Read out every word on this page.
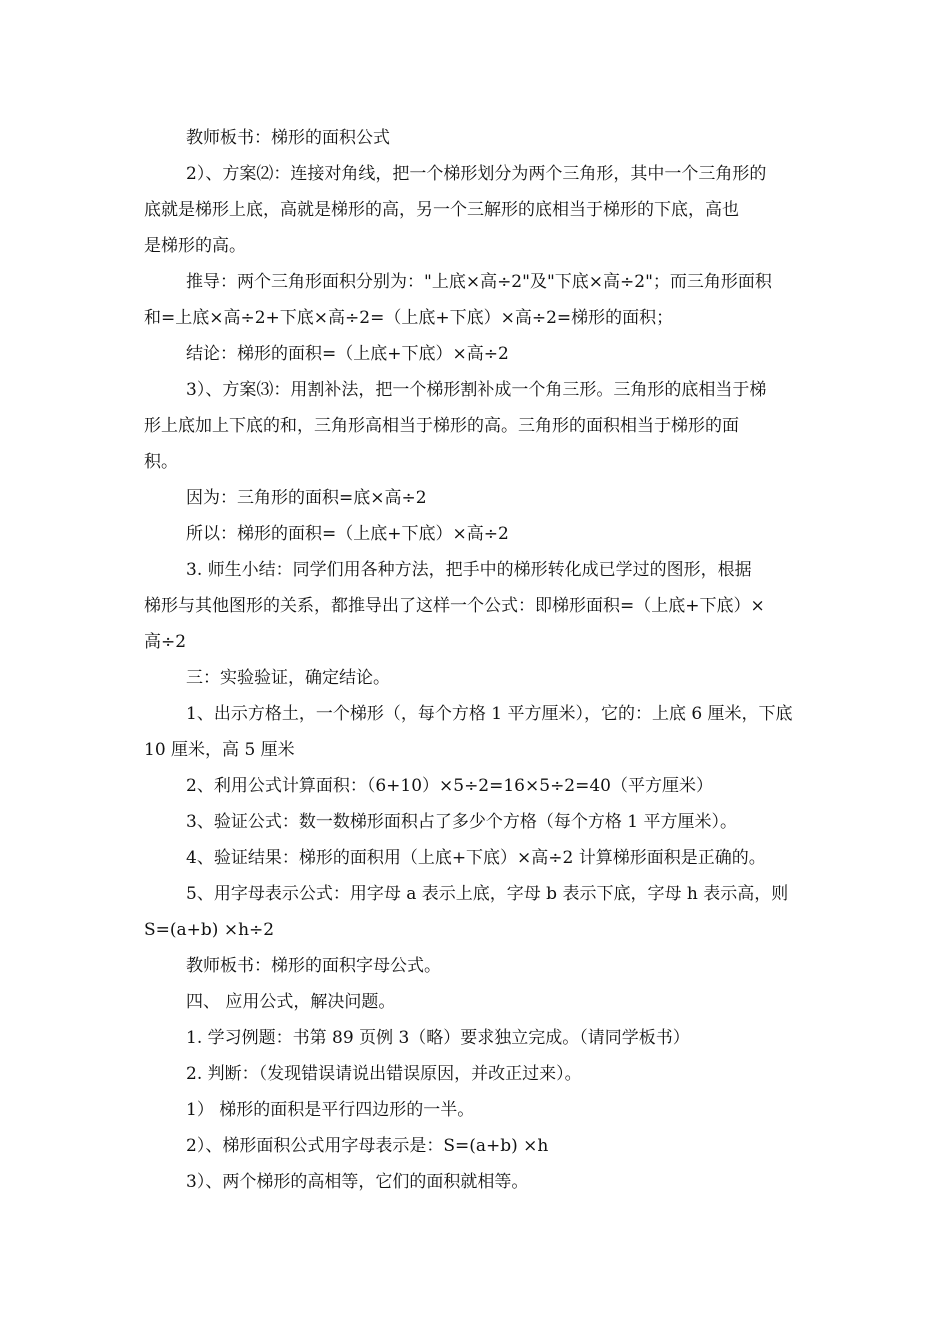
教师板书：梯形的面积公式
2）、方案⑵：连接对角线，把一个梯形划分为两个三角形，其中一个三角形的
底就是梯形上底，高就是梯形的高，另一个三解形的底相当于梯形的下底，高也
是梯形的高。
推导：两个三角形面积分别为："上底×高÷2"及"下底×高÷2"；而三角形面积
和=上底×高÷2+下底×高÷2=（上底+下底）×高÷2=梯形的面积；
结论：梯形的面积=（上底+下底）×高÷2
3）、方案⑶：用割补法，把一个梯形割补成一个角三形。三角形的底相当于梯
形上底加上下底的和，三角形高相当于梯形的高。三角形的面积相当于梯形的面
积。
因为：三角形的面积=底×高÷2
所以：梯形的面积=（上底+下底）×高÷2
3. 师生小结：同学们用各种方法，把手中的梯形转化成已学过的图形，根据
梯形与其他图形的关系，都推导出了这样一个公式：即梯形面积=（上底+下底）×
高÷2
三：实验验证，确定结论。
1、出示方格土，一个梯形（，每个方格 1 平方厘米），它的：上底 6 厘米，下底
10 厘米，高 5 厘米
2、利用公式计算面积：（6+10）×5÷2=16×5÷2=40（平方厘米）
3、验证公式：数一数梯形面积占了多少个方格（每个方格 1 平方厘米）。
4、验证结果：梯形的面积用（上底+下底）×高÷2 计算梯形面积是正确的。
5、用字母表示公式：用字母 a 表示上底，字母 b 表示下底，字母 h 表示高，则
S=(a+b) ×h÷2
教师板书：梯形的面积字母公式。
四、 应用公式，解决问题。
1. 学习例题：书第 89 页例 3（略）要求独立完成。（请同学板书）
2. 判断：（发现错误请说出错误原因，并改正过来）。
1） 梯形的面积是平行四边形的一半。
2）、梯形面积公式用字母表示是：S=(a+b) ×h
3）、两个梯形的高相等，它们的面积就相等。
